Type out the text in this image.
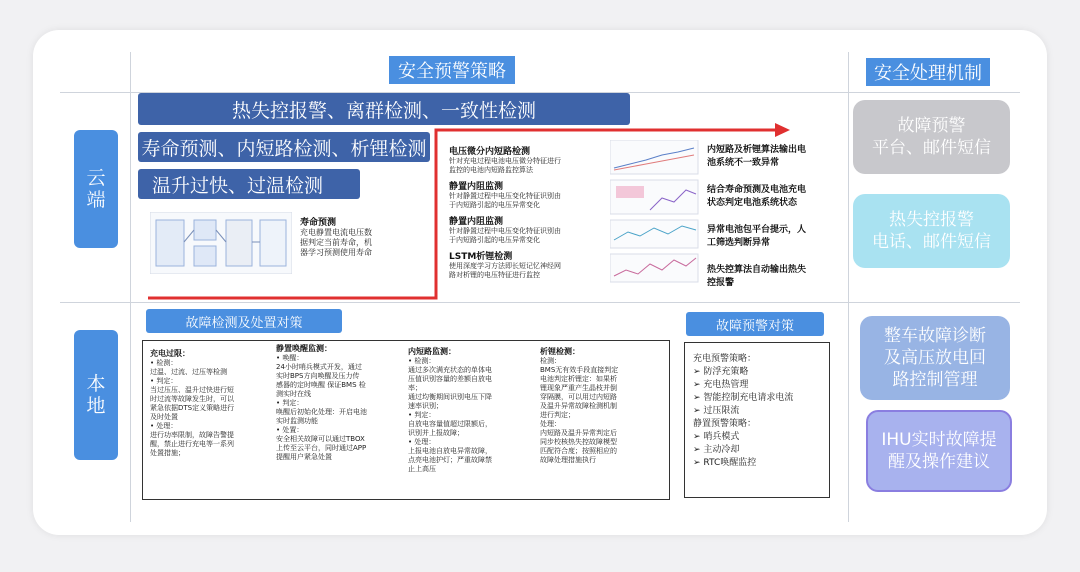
安全预警策略	安全处理机制
云
端
本
地
热失控报警、离群检测、一致性检测
寿命预测、内短路检测、析锂检测
温升过快、过温检测
寿命预测
充电静置电流电压数
据判定当前寿命，机
器学习预测使用寿命
电压微分内短路检测
针对充电过程电池电压微分特征进行
监控的电池内短路监控算法
静置内阻监测
针对静置过程中电压变化特征识别由
于内短路引起的电压异常变化
静置内阻监测
针对静置过程中电压变化特征识别由
于内短路引起的电压异常变化
LSTM析锂检测
使用深度学习方法即长短记忆神经网
路对析锂的电压特征进行监控
内短路及析锂算法输出电
池系统不一致异常
结合寿命预测及电池充电
状态判定电池系统状态
异常电池包平台提示，人
工筛选判断异常
热失控算法自动输出热失
控报警
故障检测及处置对策	故障预警对策
充电过限：
• 检测：
过温、过流、过压等检测
• 判定：
当过压压、温升过快进行短
时过流等故障发生时，可以
紧急依据DTS定义策略进行
及时处置
• 处理：
进行功率限制，故障告警提
醒，禁止进行充电等一系列
处置措施；
静置唤醒监测：
• 唤醒：
24小时哨兵模式开发，通过
实时BPS方向唤醒及压力传
感器的定时唤醒 保证BMS 检
测实时在线
• 判定：
唤醒后初始化处理：开启电池
实时监测功能
• 处置：
安全相关故障可以通过TBOX
上传至云平台，同时通过APP
提醒用户紧急处置
内短路监测：
• 检测：
通过多次满充状态的单体电
压值识别容量的差额自放电
率；
通过均衡期间识别电压下降
速率识别；
• 判定：
自放电容量值超过限额后，
识别并上报故障；
• 处理：
上报电池自放电异常故障，
点亮电池护灯；严重故障禁
止上高压
析锂检测：
检测：
BMS无有效手段直接判定
电池判定析锂定：如果析
锂现象严重产生晶枝并倒
穿隔膜，可以用过内短路
及温升异常故障检测机制
进行判定；
处理：
内短路及温升异常判定后
同步校核热失控故障模型
匹配符合度；按照相应的
故障处理措施执行
充电预警策略：
➢ 防浮充策略
➢ 充电热管理
➢ 智能控制充电请求电流
➢ 过压限流
静置预警策略：
➢ 哨兵模式
➢ 主动冷却
➢ RTC唤醒监控
故障预警
平台、邮件短信
热失控报警
电话、邮件短信
整车故障诊断
及高压放电回
路控制管理
IHU实时故障提
醒及操作建议
